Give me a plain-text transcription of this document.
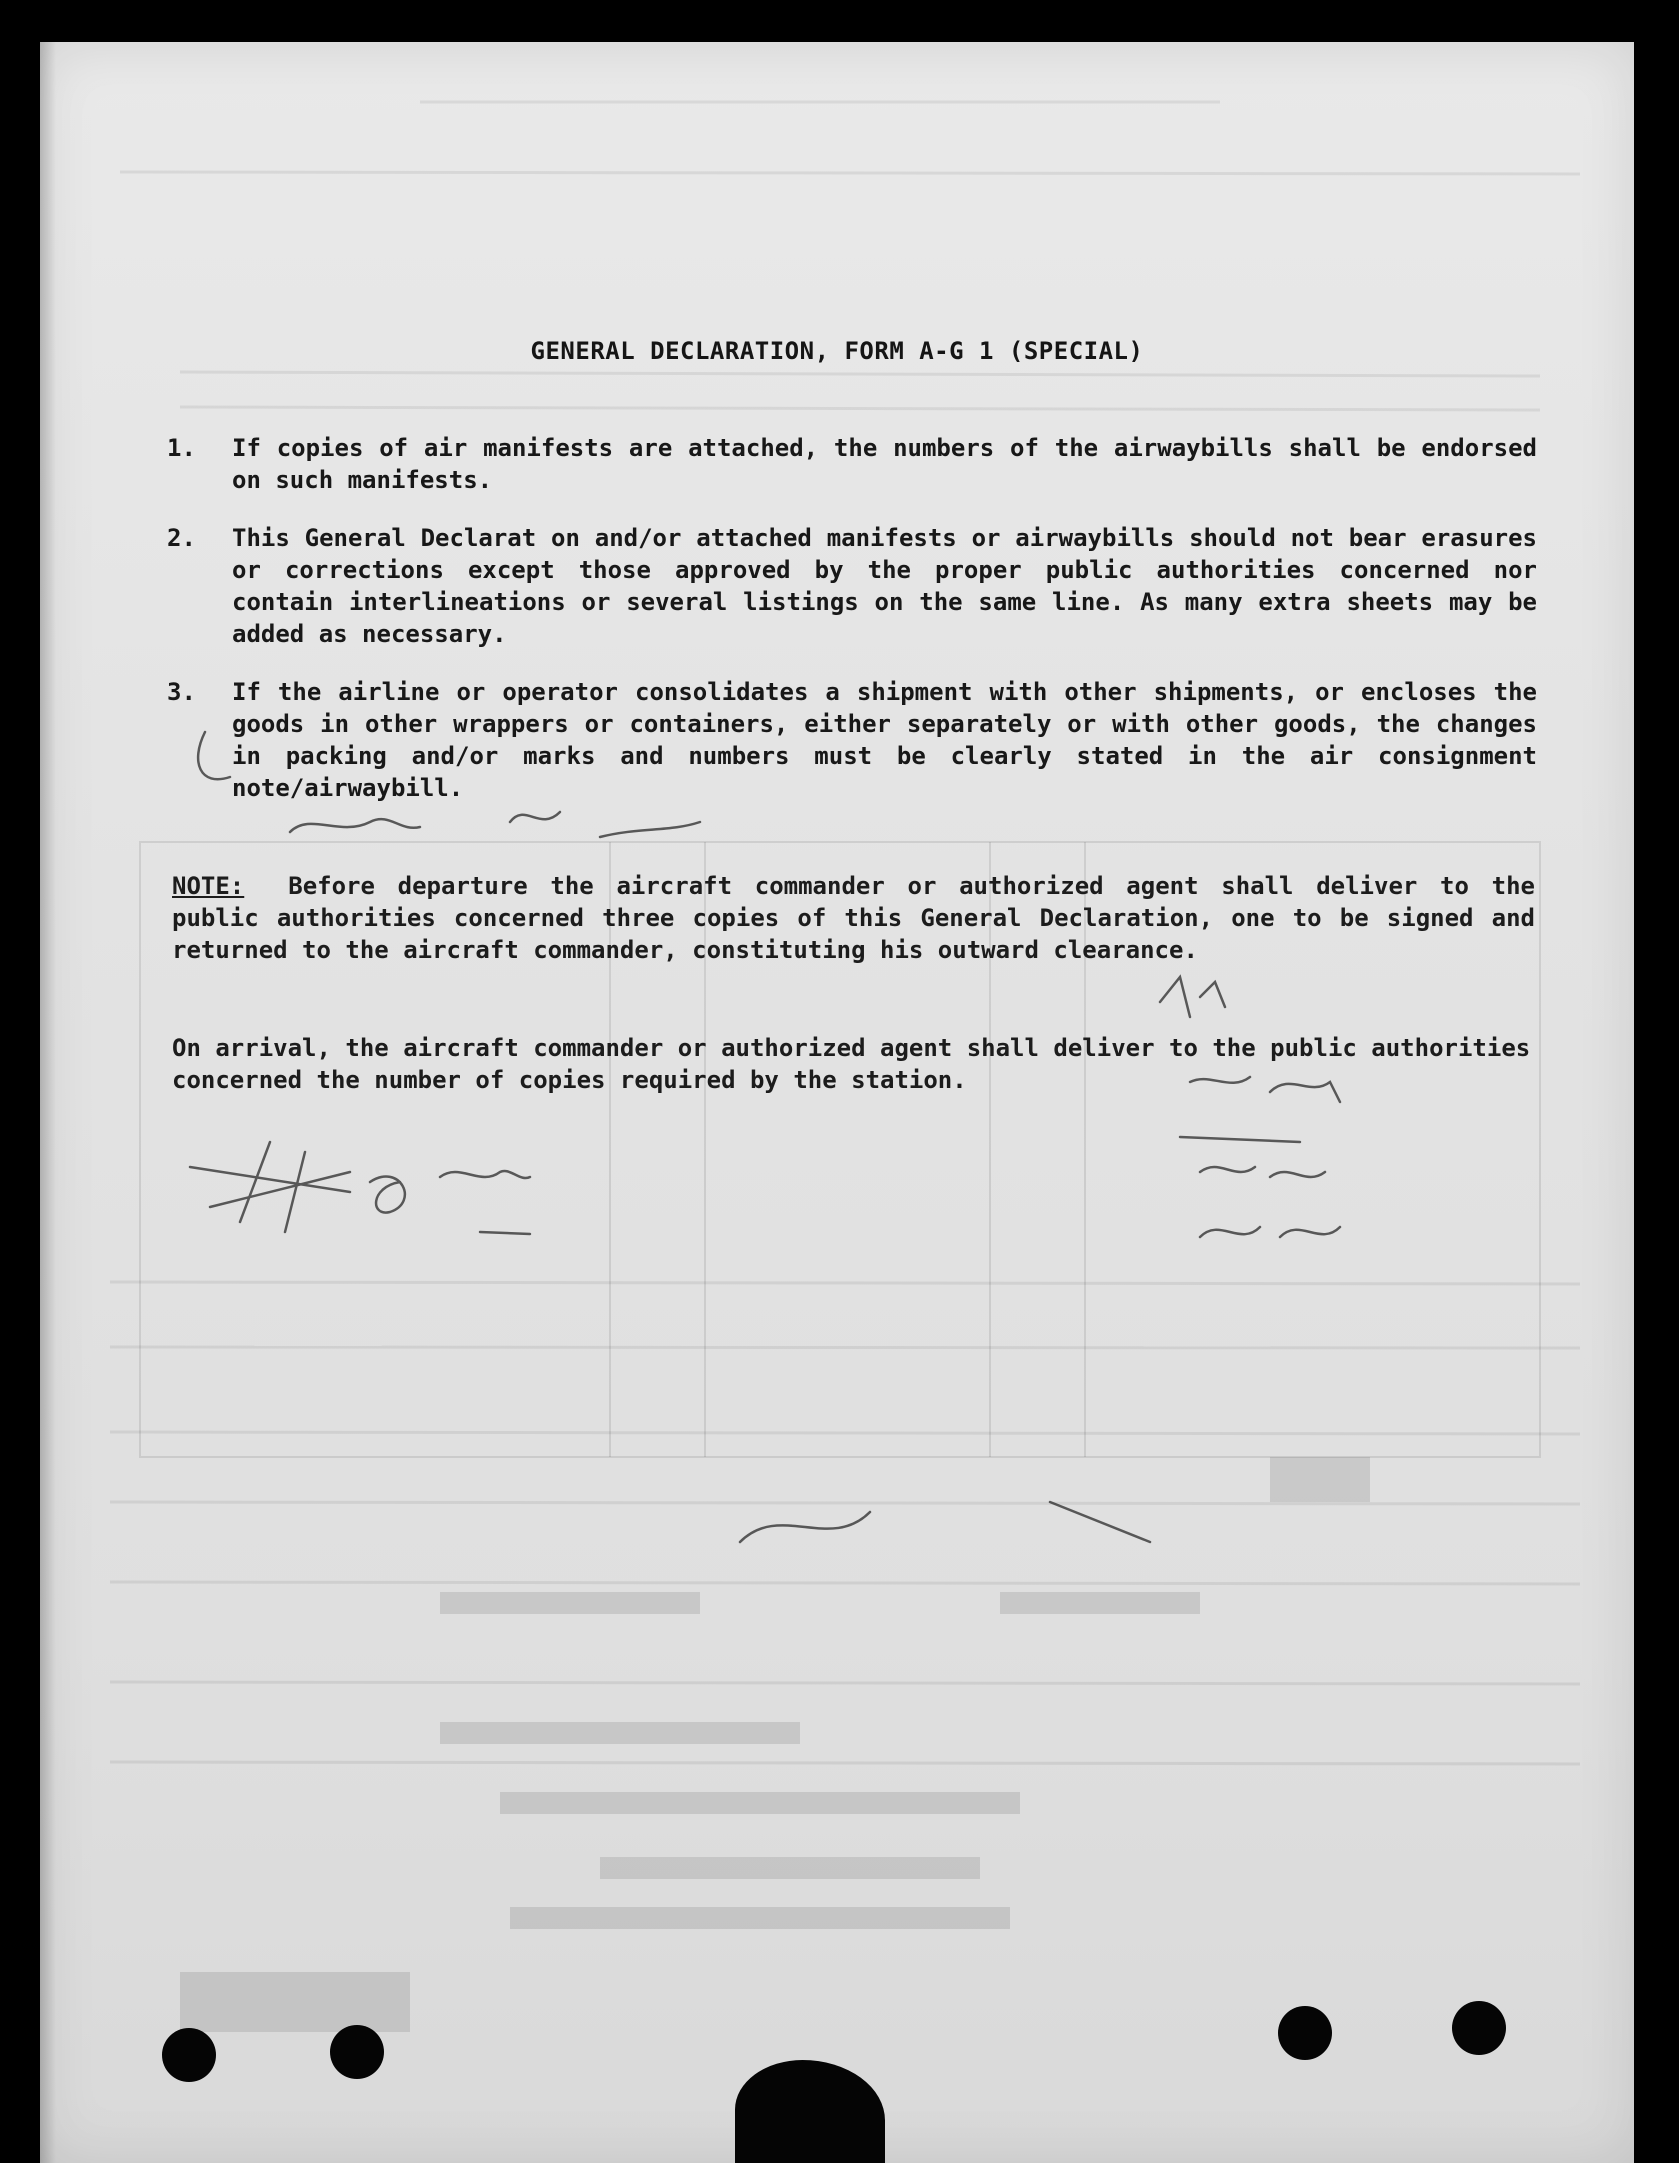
GENERAL DECLARATION, FORM A-G 1 (SPECIAL)
1.	If copies of air manifests are attached, the numbers of the airwaybills shall be endorsed on such manifests.
2.	This General Declarat on and/or attached manifests or airwaybills should not bear erasures or corrections except those approved by the proper public authorities concerned nor contain interlineations or several listings on the same line. As many extra sheets may be added as necessary.
3.	If the airline or operator consolidates a shipment with other shipments, or encloses the goods in other wrappers or containers, either separately or with other goods, the changes in packing and/or marks and numbers must be clearly stated in the air consignment note/airwaybill.
NOTE: Before departure the aircraft commander or authorized agent shall deliver to the public authorities concerned three copies of this General Declaration, one to be signed and returned to the aircraft commander, constituting his outward clearance.
On arrival, the aircraft commander or authorized agent shall deliver to the public authorities concerned the number of copies required by the station.
